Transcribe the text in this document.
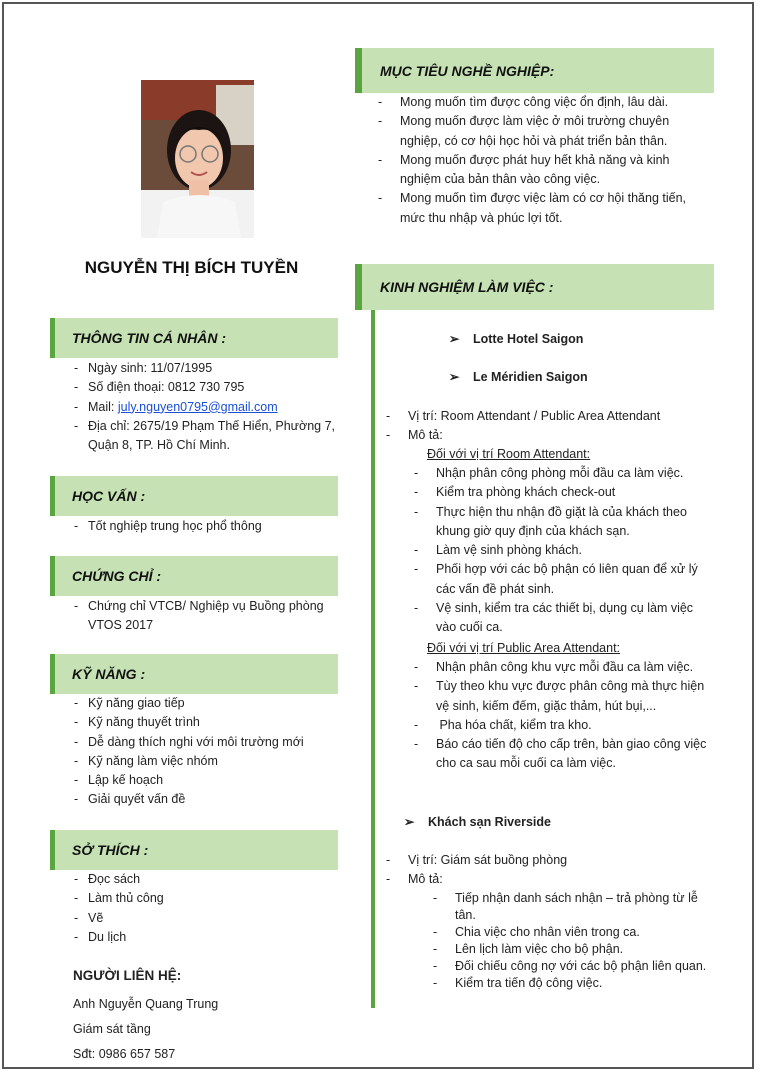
NGUYỄN THỊ BÍCH TUYỀN
THÔNG TIN CÁ NHÂN :
- Ngày sinh: 11/07/1995
- Số điện thoại: 0812 730 795
- Mail: july.nguyen0795@gmail.com
- Địa chỉ: 2675/19 Phạm Thế Hiển, Phường 7,
Quận 8, TP. Hồ Chí Minh.
HỌC VẤN :
- Tốt nghiệp trung học phổ thông
CHỨNG CHỈ :
- Chứng chỉ VTCB/ Nghiệp vụ Buồng phòng
VTOS 2017
KỸ NĂNG :
- Kỹ năng giao tiếp
- Kỹ năng thuyết trình
- Dễ dàng thích nghi với môi trường mới
- Kỹ năng làm việc nhóm
- Lập kế hoạch
- Giải quyết vấn đề
SỞ THÍCH :
- Đọc sách
- Làm thủ công
- Vẽ
- Du lịch
NGƯỜI LIÊN HỆ:
Anh Nguyễn Quang Trung
Giám sát tầng
Sđt: 0986 657 587
MỤC TIÊU NGHỀ NGHIỆP:
- Mong muốn tìm được công việc ổn định, lâu dài.
- Mong muốn được làm việc ở môi trường chuyên
nghiệp, có cơ hội học hỏi và phát triển bản thân.
- Mong muốn được phát huy hết khả năng và kinh
nghiệm của bản thân vào công việc.
- Mong muốn tìm được việc làm có cơ hội thăng tiến,
mức thu nhập và phúc lợi tốt.
KINH NGHIỆM LÀM VIỆC :
➢ Lotte Hotel Saigon
➢ Le Méridien Saigon
- Vị trí: Room Attendant / Public Area Attendant
- Mô tả:
Đối với vị trí Room Attendant:
- Nhận phân công phòng mỗi đầu ca làm việc.
- Kiểm tra phòng khách check-out
- Thực hiện thu nhận đồ giặt là của khách theo
khung giờ quy định của khách sạn.
- Làm vệ sinh phòng khách.
- Phối hợp với các bộ phận có liên quan để xử lý
các vấn đề phát sinh.
- Vệ sinh, kiểm tra các thiết bị, dụng cụ làm việc
vào cuối ca.
Đối với vị trí Public Area Attendant:
- Nhận phân công khu vực mỗi đầu ca làm việc.
- Tùy theo khu vực được phân công mà thực hiện
vệ sinh, kiếm đếm, giặc thảm, hút bụi,...
-  Pha hóa chất, kiểm tra kho.
- Báo cáo tiến độ cho cấp trên, bàn giao công việc
cho ca sau mỗi cuối ca làm việc.
➢ Khách sạn Riverside
- Vị trí: Giám sát buồng phòng
- Mô tả:
- Tiếp nhận danh sách nhận – trả phòng từ lễ
tân.
- Chia việc cho nhân viên trong ca.
- Lên lịch làm việc cho bộ phận.
- Đối chiếu công nợ với các bộ phận liên quan.
- Kiểm tra tiến độ công việc.
